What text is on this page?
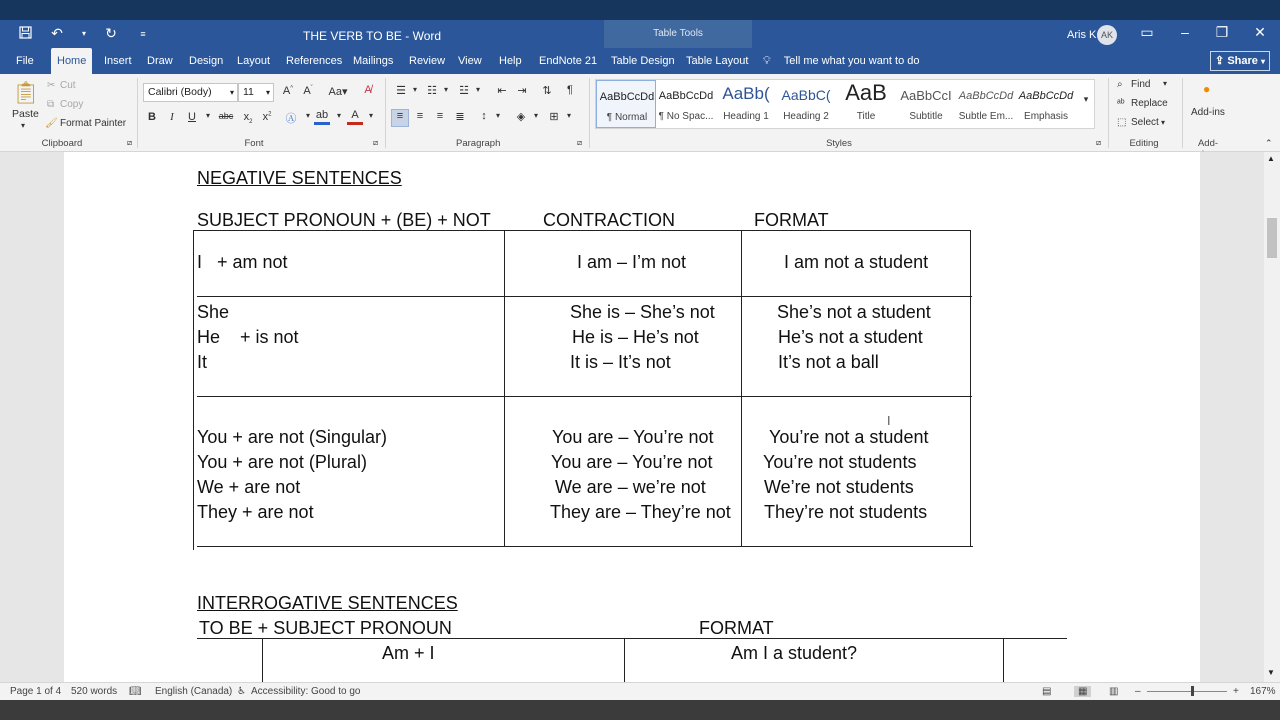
↶	▾ ↻	≡	THE VERB TO BE - Word	Table Tools	Aris K AK ▭	–	❐ ✕
File	Home	Insert	Draw	Design	Layout	References Mailings	Review	View	Help	EndNote 21	Table Design	Table Layout	💡︎ Tell me what you want to do	⇪ Share ▾
📋︎
Paste
▾
✂ Cut
⧉ Copy
🖌︎ Format Painter
Clipboard	⧄
Calibri (Body) ▾ 11 ▾ A^ $A^ˇ$	Aa▾	A̸
B	I	U	▾ abc $x_2$ $x^2$	Ⓐ	▾ ab	▾ A	▾
Font	⧄
☰ ▾ ☷ ▾	☳ ▾	⇤ ⇥	⇅	¶
≡	≡	≡	≣	↕	▾	◈	▾	⊞	▾
Paragraph	⧄
AaBbCcDd
¶ Normal
AaBbCcDd
¶ No Spac...
AaBb(
Heading 1
AaBbC(
Heading 2
AaB
Title
AaBbCcI
Subtitle
AaBbCcDd
Subtle Em...
AaBbCcDd
Emphasis
▾
Styles	⧄
⌕ Find ▾
ᵃᵇ Replace
⬚ Select ▾
Editing
●
Add-ins
Add-	⌃
NEGATIVE SENTENCES
SUBJECT PRONOUN + (BE) + NOT	CONTRACTION	FORMAT
I   + am not	I am – I’m not	I am not a student
She
He    + is not
It
She is – She’s not
He is – He’s not
It is – It’s not
She’s not a student
He’s not a student
It’s not a ball
You + are not (Singular)
You + are not (Plural)
We + are not
They + are not
You are – You’re not
You are – You’re not
We are – we’re not
They are – They’re not
You’re not a student
You’re not students
We’re not students
They’re not students
Ⅰ
INTERROGATIVE SENTENCES
TO BE + SUBJECT PRONOUN	FORMAT
Am + I	Am I a student?
▲
▼
Page 1 of 4 520 words 📖︎ English (Canada) ♿︎ Accessibility: Good to go	▤	▦	▥ –	+ 167%
